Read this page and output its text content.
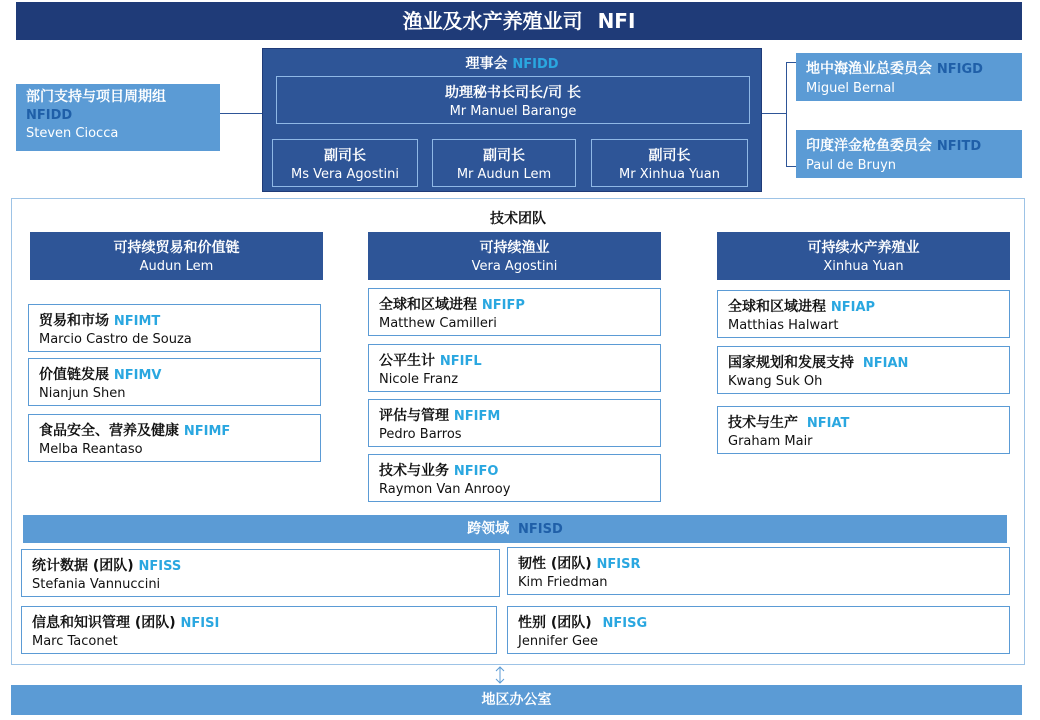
渔业及水产养殖业司 NFI
理事会 NFIDD
助理秘书长司长/司 长
Mr Manuel Barange
副司长
Ms Vera Agostini
副司长
Mr Audun Lem
副司长
Mr Xinhua Yuan
部门支持与项目周期组 NFIDD
Steven Ciocca
地中海渔业总委员会 NFIGD
Miguel Bernal
印度洋金枪鱼委员会 NFITD
Paul de Bruyn
技术团队
可持续贸易和价值链
Audun Lem
可持续渔业
Vera Agostini
可持续水产养殖业
Xinhua Yuan
贸易和市场 NFIMT
Marcio Castro de Souza
价值链发展 NFIMV
Nianjun Shen
食品安全、营养及健康 NFIMF
Melba Reantaso
全球和区域进程 NFIFP
Matthew Camilleri
公平生计 NFIFL
Nicole Franz
评估与管理 NFIFM
Pedro Barros
技术与业务 NFIFO
Raymon Van Anrooy
全球和区域进程 NFIAP
Matthias Halwart
国家规划和发展支持 NFIAN
Kwang Suk Oh
技术与生产 NFIAT
Graham Mair
跨领域 NFISD
统计数据 (团队) NFISS
Stefania Vannuccini
韧性 (团队) NFISR
Kim Friedman
信息和知识管理 (团队) NFISI
Marc Taconet
性别 (团队) NFISG
Jennifer Gee
地区办公室
